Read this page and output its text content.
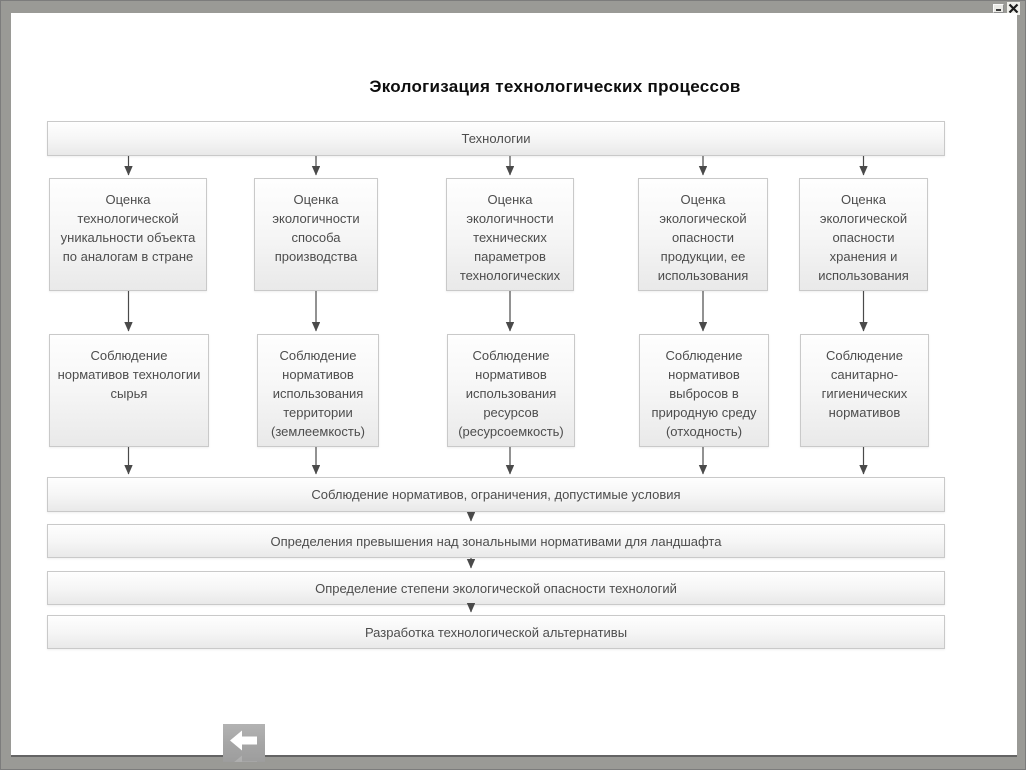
Экологизация технологических процессов
Технологии
Оценка технологической уникальности объекта по аналогам в стране
Оценка экологичности способа производства
Оценка экологичности технических параметров технологических
Оценка экологической опасности продукции, ее использования
Оценка экологической опасности хранения и использования
Соблюдение нормативов технологии сырья
Соблюдение нормативов использования территории (землеемкость)
Соблюдение нормативов использования ресурсов (ресурсоемкость)
Соблюдение нормативов выбросов в природную среду (отходность)
Соблюдение санитарно-гигиенических нормативов
Соблюдение нормативов, ограничения, допустимые условия
Определения превышения над зональными нормативами для ландшафта
Определение степени экологической опасности технологий
Разработка технологической альтернативы
